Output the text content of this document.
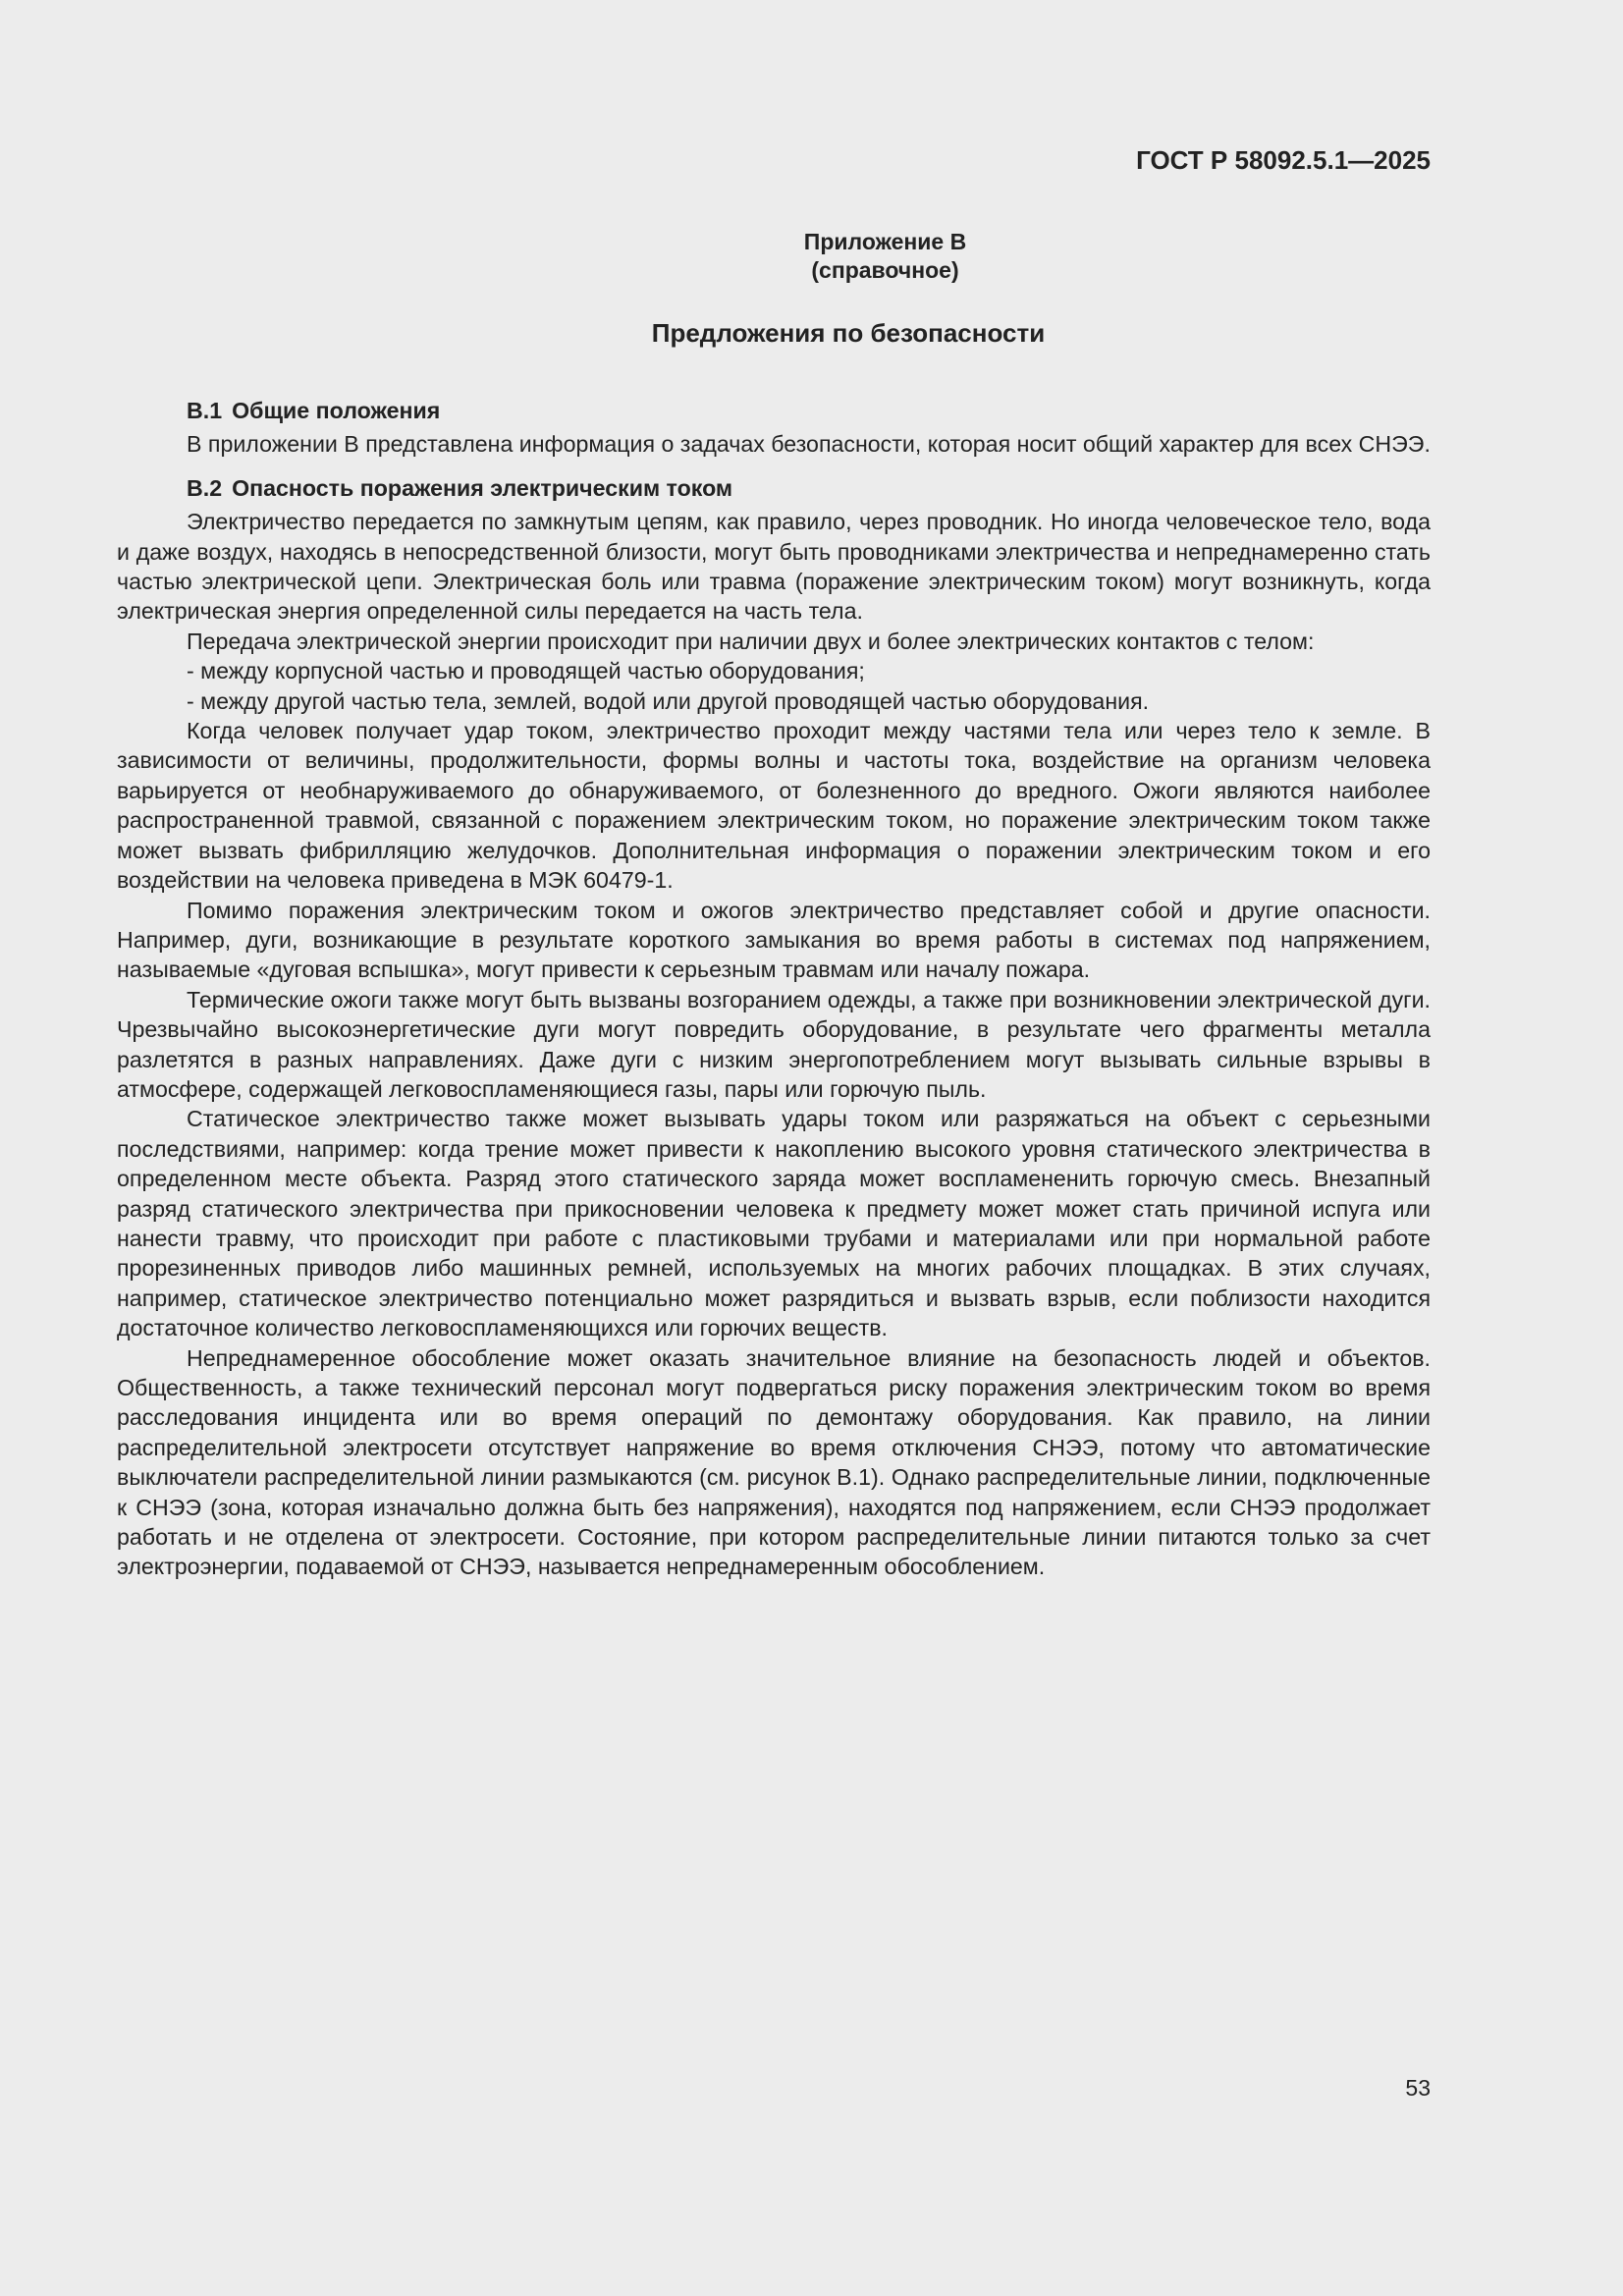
ГОСТ Р 58092.5.1—2025
Приложение В
(справочное)
Предложения по безопасности

В.1 Общие положения

В приложении В представлена информация о задачах безопасности, которая носит общий характер для всех СНЭЭ.

В.2 Опасность поражения электрическим током

Электричество передается по замкнутым цепям, как правило, через проводник. Но иногда человеческое тело, вода и даже воздух, находясь в непосредственной близости, могут быть проводниками электричества и непреднамеренно стать частью электрической цепи. Электрическая боль или травма (поражение электрическим током) могут возникнуть, когда электрическая энергия определенной силы передается на часть тела.

Передача электрической энергии происходит при наличии двух и более электрических контактов с телом:

- между корпусной частью и проводящей частью оборудования;

- между другой частью тела, землей, водой или другой проводящей частью оборудования.

Когда человек получает удар током, электричество проходит между частями тела или через тело к земле. В зависимости от величины, продолжительности, формы волны и частоты тока, воздействие на организм человека варьируется от необнаруживаемого до обнаруживаемого, от болезненного до вредного. Ожоги являются наиболее распространенной травмой, связанной с поражением электрическим током, но поражение электрическим током также может вызвать фибрилляцию желудочков. Дополнительная информация о поражении электрическим током и его воздействии на человека приведена в МЭК 60479-1.

Помимо поражения электрическим током и ожогов электричество представляет собой и другие опасности. Например, дуги, возникающие в результате короткого замыкания во время работы в системах под напряжением, называемые «дуговая вспышка», могут привести к серьезным травмам или началу пожара.

Термические ожоги также могут быть вызваны возгоранием одежды, а также при возникновении электрической дуги. Чрезвычайно высокоэнергетические дуги могут повредить оборудование, в результате чего фрагменты металла разлетятся в разных направлениях. Даже дуги с низким энергопотреблением могут вызывать сильные взрывы в атмосфере, содержащей легковоспламеняющиеся газы, пары или горючую пыль.

Статическое электричество также может вызывать удары током или разряжаться на объект с серьезными последствиями, например: когда трение может привести к накоплению высокого уровня статического электричества в определенном месте объекта. Разряд этого статического заряда может воспламененить горючую смесь. Внезапный разряд статического электричества при прикосновении человека к предмету может может стать причиной испуга или нанести травму, что происходит при работе с пластиковыми трубами и материалами или при нормальной работе прорезиненных приводов либо машинных ремней, используемых на многих рабочих площадках. В этих случаях, например, статическое электричество потенциально может разрядиться и вызвать взрыв, если поблизости находится достаточное количество легковоспламеняющихся или горючих веществ.

Непреднамеренное обособление может оказать значительное влияние на безопасность людей и объектов. Общественность, а также технический персонал могут подвергаться риску поражения электрическим током во время расследования инцидента или во время операций по демонтажу оборудования. Как правило, на линии распределительной электросети отсутствует напряжение во время отключения СНЭЭ, потому что автоматические выключатели распределительной линии размыкаются (см. рисунок В.1). Однако распределительные линии, подключенные к СНЭЭ (зона, которая изначально должна быть без напряжения), находятся под напряжением, если СНЭЭ продолжает работать и не отделена от электросети. Состояние, при котором распределительные линии питаются только за счет электроэнергии, подаваемой от СНЭЭ, называется непреднамеренным обособлением.

53
